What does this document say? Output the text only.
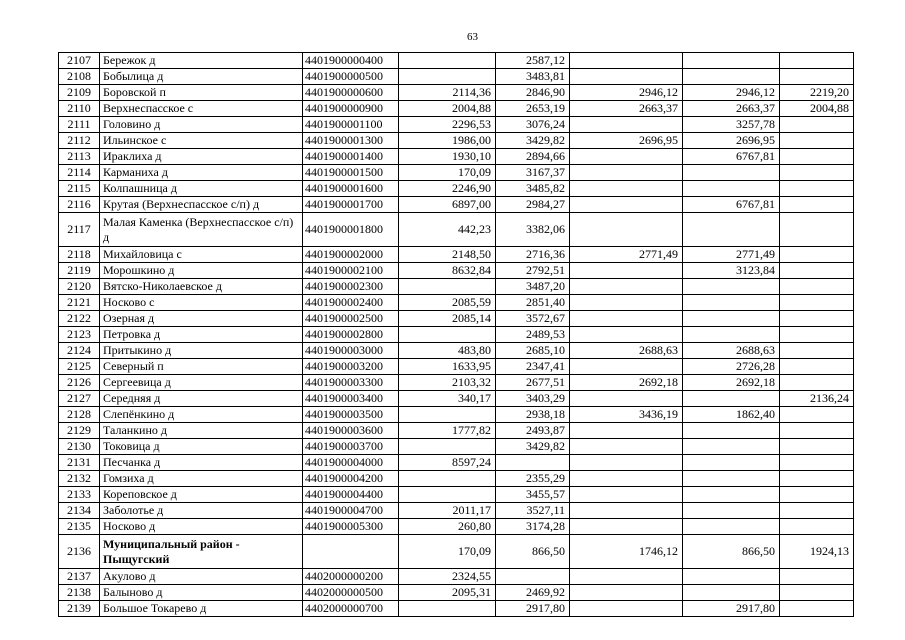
63
2107	Бережок д	4401900000400		2587,12			
2108	Бобылица д	4401900000500		3483,81			
2109	Боровской п	4401900000600	2114,36	2846,90	2946,12	2946,12	2219,20
2110	Верхнеспасское с	4401900000900	2004,88	2653,19	2663,37	2663,37	2004,88
2111	Головино д	4401900001100	2296,53	3076,24		3257,78	
2112	Ильинское с	4401900001300	1986,00	3429,82	2696,95	2696,95	
2113	Ираклиха д	4401900001400	1930,10	2894,66		6767,81	
2114	Карманиха д	4401900001500	170,09	3167,37			
2115	Колпашница д	4401900001600	2246,90	3485,82			
2116	Крутая (Верхнеспасское с/п) д	4401900001700	6897,00	2984,27		6767,81	
2117	Малая Каменка (Верхнеспасское с/п) д	4401900001800	442,23	3382,06			
2118	Михайловица с	4401900002000	2148,50	2716,36	2771,49	2771,49	
2119	Морошкино д	4401900002100	8632,84	2792,51		3123,84	
2120	Вятско-Николаевское д	4401900002300		3487,20			
2121	Носково с	4401900002400	2085,59	2851,40			
2122	Озерная д	4401900002500	2085,14	3572,67			
2123	Петровка д	4401900002800		2489,53			
2124	Притыкино д	4401900003000	483,80	2685,10	2688,63	2688,63	
2125	Северный п	4401900003200	1633,95	2347,41		2726,28	
2126	Сергеевица д	4401900003300	2103,32	2677,51	2692,18	2692,18	
2127	Середняя д	4401900003400	340,17	3403,29			2136,24
2128	Слепёнкино д	4401900003500		2938,18	3436,19	1862,40	
2129	Таланкино д	4401900003600	1777,82	2493,87			
2130	Токовица д	4401900003700		3429,82			
2131	Песчанка д	4401900004000	8597,24				
2132	Гомзиха д	4401900004200		2355,29			
2133	Кореповское д	4401900004400		3455,57			
2134	Заболотье д	4401900004700	2011,17	3527,11			
2135	Носково д	4401900005300	260,80	3174,28			
2136	Муниципальный район - Пыщугский		170,09	866,50	1746,12	866,50	1924,13
2137	Акулово д	4402000000200	2324,55				
2138	Балыново д	4402000000500	2095,31	2469,92			
2139	Большое Токарево д	4402000000700		2917,80		2917,80	
